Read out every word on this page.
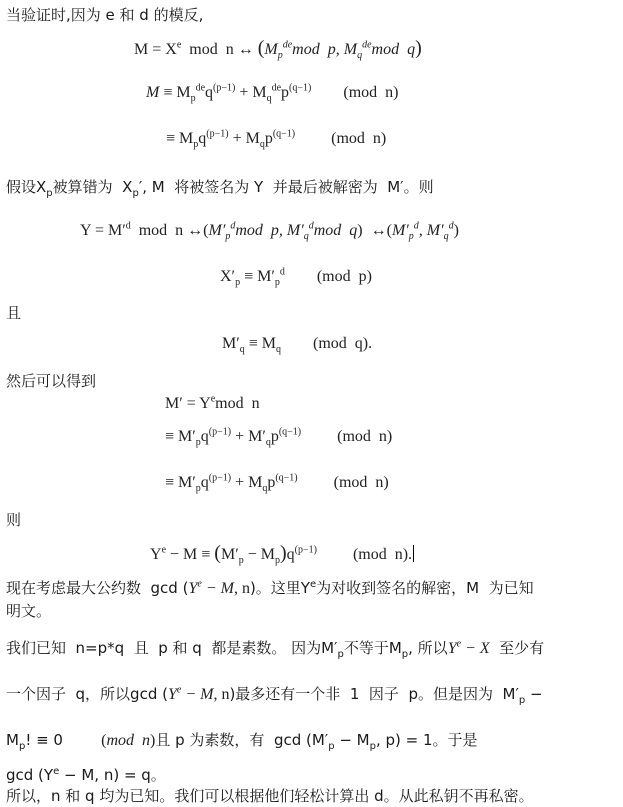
当验证时,因为 e 和 d 的模反,
$M = X^e$  mod  n ↔ ($M_pdemod$  p, $M_qdemod$  q)
$M \equiv M_pdeq^{(p-1)} + M_qdep^{(q-1)}$        (mod  n)
≡ $M_pq^{(p-1)} + M_qp^{(q-1)}$         (mod  n)
假设$X_p$被算错为  $X_p'$, M  将被签名为 Y  并最后被解密为  M′。则
$Y = M'^d$  mod  n $\leftrightarrow(M'_p^dmod$  p, $M'_q^dmod$  q)  $\leftrightarrow(M'_p^d$, $M'_q^d$)
$X'_p \equiv M'_p^d$        (mod  p)
且
$M'_q \equiv M_q$        (mod  q).
然后可以得到
$M' = Y^emod$  n
≡ $M'_pq^{(p-1)} + M'_qp^{(q-1)}$         (mod  n)
≡ $M'_pq^{(p-1)} + M_qp^{(q-1)}$         (mod  n)
则
$Y^e - M \equiv (M'_p - M_p)q^{(p-1)}$         (mod  n).
现在考虑最大公约数  $\gcd (Y^e - M$, n)。这里$Y^e$为对收到签名的解密，M  为已知
明文。
我们已知  n=p*q  且  p 和 q  都是素数。 因为$M'_p$不等于$M_p$, 所以$Y^e - X$  至少有
一个因子  q，所以$\gcd (Y^e - M$, n)最多还有一个非  1  因子  p。但是因为  $M'_p$ −
$M_p$! ≡ 0        (mod  n)且 p 为素数，有  $\gcd (M'_p - M_p$, p) = 1。于是
$\gcd (Y^e - M$, n) = q。
所以，n 和 q 均为已知。我们可以根据他们轻松计算出 d。从此私钥不再私密。
